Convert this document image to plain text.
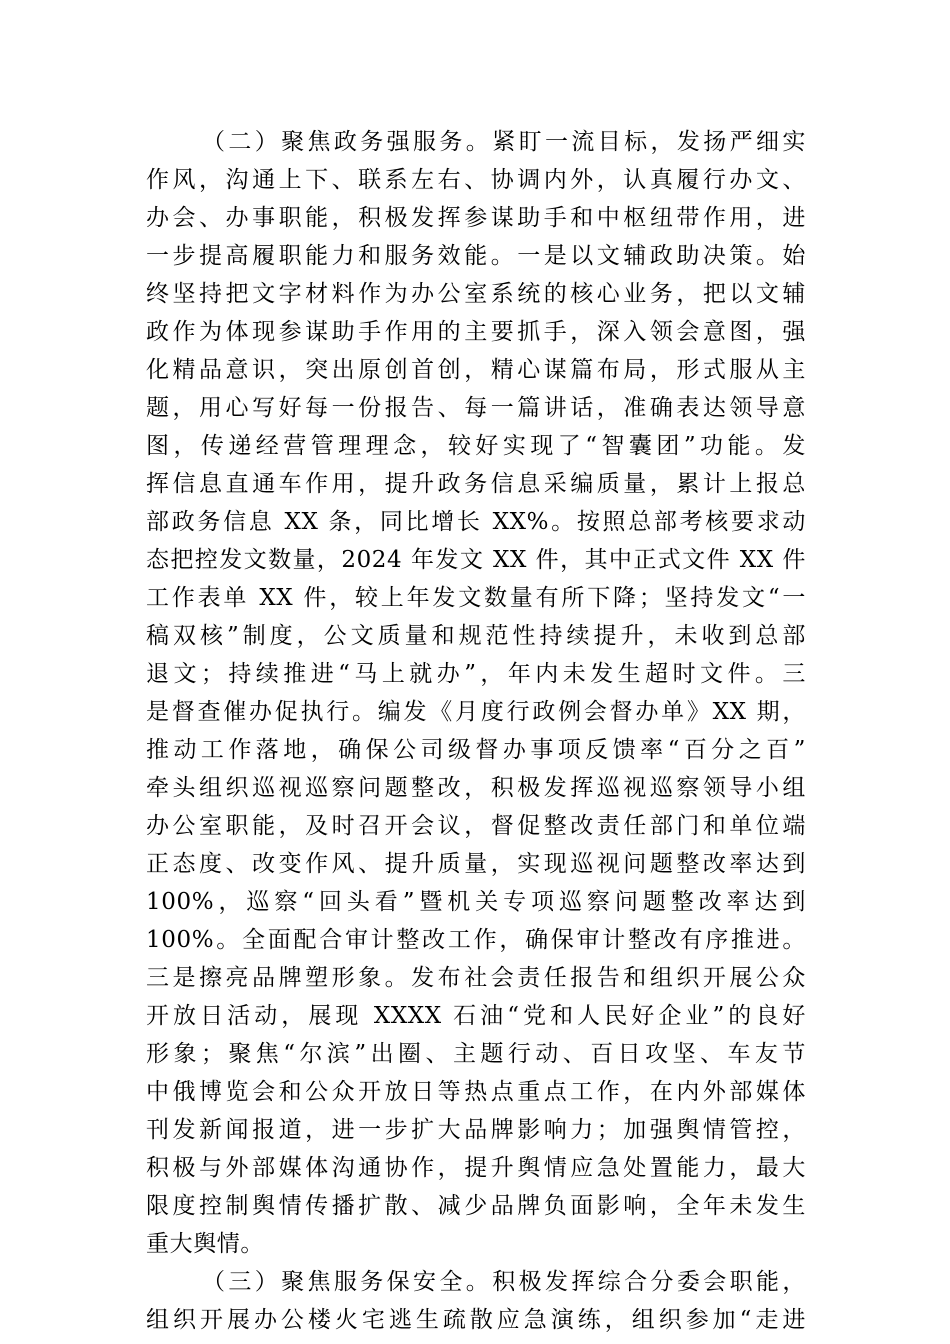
（二）聚焦政务强服务。紧盯一流目标，发扬严细实
作风，沟通上下、联系左右、协调内外，认真履行办文、
办会、办事职能，积极发挥参谋助手和中枢纽带作用，进
一步提高履职能力和服务效能。一是以文辅政助决策。始
终坚持把文字材料作为办公室系统的核心业务，把以文辅
政作为体现参谋助手作用的主要抓手，深入领会意图，强
化精品意识，突出原创首创，精心谋篇布局，形式服从主
题，用心写好每一份报告、每一篇讲话，准确表达领导意
图，传递经营管理理念，较好实现了“智囊团”功能。发
挥信息直通车作用，提升政务信息采编质量，累计上报总
部政务信息 XX 条，同比增长 XX%。按照总部考核要求动
态把控发文数量，2024 年发文 XX 件，其中正式文件 XX 件
工作表单 XX 件，较上年发文数量有所下降；坚持发文“一
稿双核”制度，公文质量和规范性持续提升，未收到总部
退文；持续推进“马上就办”，年内未发生超时文件。三
是督查催办促执行。编发《月度行政例会督办单》XX 期，
推动工作落地，确保公司级督办事项反馈率“百分之百”
牵头组织巡视巡察问题整改，积极发挥巡视巡察领导小组
办公室职能，及时召开会议，督促整改责任部门和单位端
正态度、改变作风、提升质量，实现巡视问题整改率达到
100%，巡察“回头看”暨机关专项巡察问题整改率达到
100%。全面配合审计整改工作，确保审计整改有序推进。
三是擦亮品牌塑形象。发布社会责任报告和组织开展公众
开放日活动，展现 XXXX 石油“党和人民好企业”的良好
形象；聚焦“尔滨”出圈、主题行动、百日攻坚、车友节
中俄博览会和公众开放日等热点重点工作，在内外部媒体
刊发新闻报道，进一步扩大品牌影响力；加强舆情管控，
积极与外部媒体沟通协作，提升舆情应急处置能力，最大
限度控制舆情传播扩散、减少品牌负面影响，全年未发生
重大舆情。
（三）聚焦服务保安全。积极发挥综合分委会职能，
组织开展办公楼火宅逃生疏散应急演练，组织参加“走进
